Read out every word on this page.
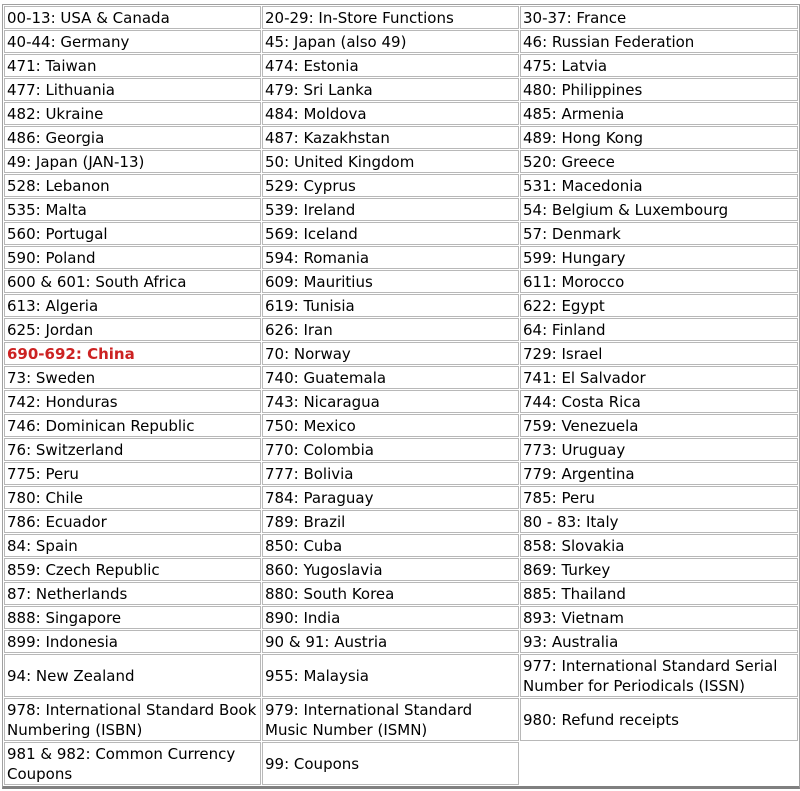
00-13: USA & Canada	20-29: In-Store Functions	30-37: France
40-44: Germany	45: Japan (also 49)	46: Russian Federation
471: Taiwan	474: Estonia	475: Latvia
477: Lithuania	479: Sri Lanka	480: Philippines
482: Ukraine	484: Moldova	485: Armenia
486: Georgia	487: Kazakhstan	489: Hong Kong
49: Japan (JAN-13)	50: United Kingdom	520: Greece
528: Lebanon	529: Cyprus	531: Macedonia
535: Malta	539: Ireland	54: Belgium & Luxembourg
560: Portugal	569: Iceland	57: Denmark
590: Poland	594: Romania	599: Hungary
600 & 601: South Africa	609: Mauritius	611: Morocco
613: Algeria	619: Tunisia	622: Egypt
625: Jordan	626: Iran	64: Finland
690-692: China	70: Norway	729: Israel
73: Sweden	740: Guatemala	741: El Salvador
742: Honduras	743: Nicaragua	744: Costa Rica
746: Dominican Republic	750: Mexico	759: Venezuela
76: Switzerland	770: Colombia	773: Uruguay
775: Peru	777: Bolivia	779: Argentina
780: Chile	784: Paraguay	785: Peru
786: Ecuador	789: Brazil	80 - 83: Italy
84: Spain	850: Cuba	858: Slovakia
859: Czech Republic	860: Yugoslavia	869: Turkey
87: Netherlands	880: South Korea	885: Thailand
888: Singapore	890: India	893: Vietnam
899: Indonesia	90 & 91: Austria	93: Australia
94: New Zealand	955: Malaysia	977: International Standard Serial Number for Periodicals (ISSN)
978: International Standard Book Numbering (ISBN)	979: International Standard Music Number (ISMN)	980: Refund receipts
981 & 982: Common Currency Coupons	99: Coupons	
